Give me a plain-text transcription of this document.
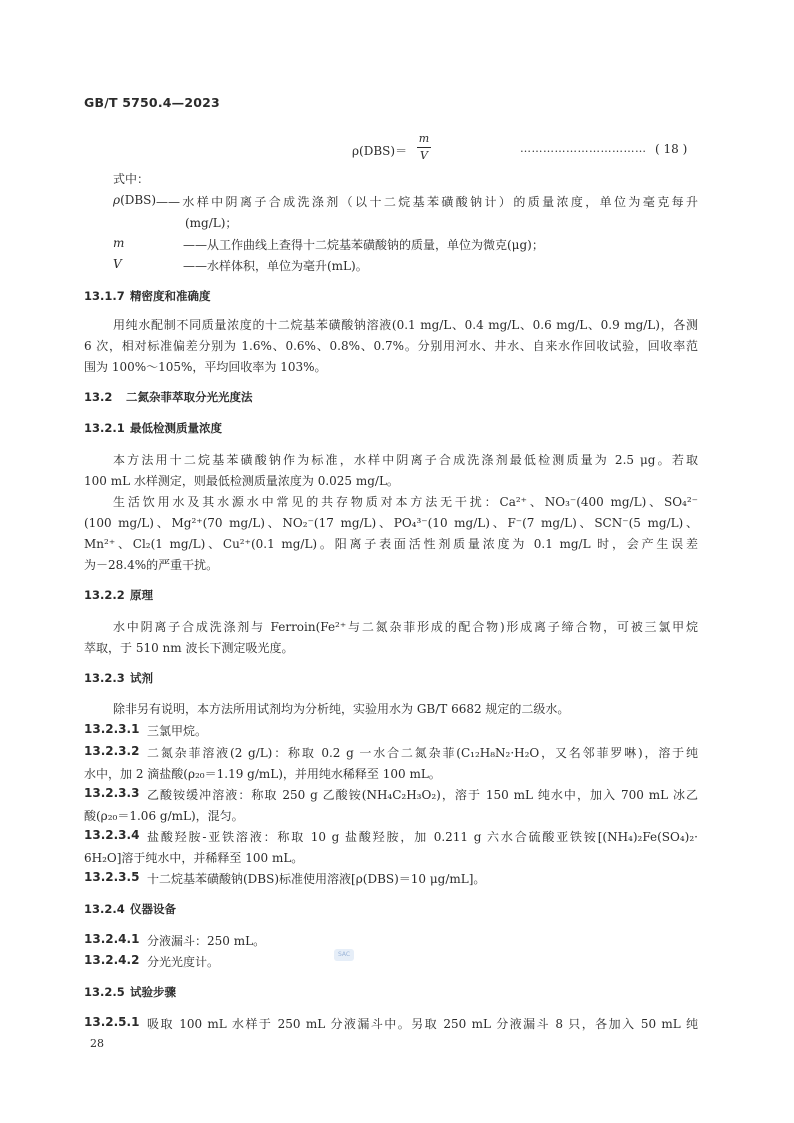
GB/T 5750.4—2023
ρ(DBS)＝
m
V
…………………………… ( 18 )
式中：
ρ(DBS) ——水样中阴离子合成洗涤剂（以十二烷基苯磺酸钠计）的质量浓度，单位为毫克每升
(mg/L)；
m	——从工作曲线上查得十二烷基苯磺酸钠的质量，单位为微克(μg)；
V	——水样体积，单位为毫升(mL)。
13.1.7 精密度和准确度
用纯水配制不同质量浓度的十二烷基苯磺酸钠溶液(0.1 mg/L、0.4 mg/L、0.6 mg/L、0.9 mg/L)，各测
6 次，相对标准偏差分别为 1.6%、0.6%、0.8%、0.7%。分别用河水、井水、自来水作回收试验，回收率范
围为 100%～105%，平均回收率为 103%。
13.2 二氮杂菲萃取分光光度法
13.2.1 最低检测质量浓度
本方法用十二烷基苯磺酸钠作为标准，水样中阴离子合成洗涤剂最低检测质量为 2.5 μg。若取
100 mL 水样测定，则最低检测质量浓度为 0.025 mg/L。
生活饮用水及其水源水中常见的共存物质对本方法无干扰：Ca²⁺、NO₃⁻(400 mg/L)、SO₄²⁻
(100 mg/L)、Mg²⁺(70 mg/L)、NO₂⁻(17 mg/L)、PO₄³⁻(10 mg/L)、F⁻(7 mg/L)、SCN⁻(5 mg/L)、
Mn²⁺、Cl₂(1 mg/L)、Cu²⁺(0.1 mg/L)。阳离子表面活性剂质量浓度为 0.1 mg/L 时，会产生误差
为－28.4%的严重干扰。
13.2.2 原理
水中阴离子合成洗涤剂与 Ferroin(Fe²⁺与二氮杂菲形成的配合物)形成离子缔合物，可被三氯甲烷
萃取，于 510 nm 波长下测定吸光度。
13.2.3 试剂
除非另有说明，本方法所用试剂均为分析纯，实验用水为 GB/T 6682 规定的二级水。
13.2.3.1 三氯甲烷。
13.2.3.2 二氮杂菲溶液(2 g/L)：称取 0.2 g 一水合二氮杂菲(C₁₂H₈N₂·H₂O，又名邻菲罗啉)，溶于纯
水中，加 2 滴盐酸(ρ₂₀＝1.19 g/mL)，并用纯水稀释至 100 mL。
13.2.3.3 乙酸铵缓冲溶液：称取 250 g 乙酸铵(NH₄C₂H₃O₂)，溶于 150 mL 纯水中，加入 700 mL 冰乙
酸(ρ₂₀＝1.06 g/mL)，混匀。
13.2.3.4 盐酸羟胺-亚铁溶液：称取 10 g 盐酸羟胺，加 0.211 g 六水合硫酸亚铁铵[(NH₄)₂Fe(SO₄)₂·
6H₂O]溶于纯水中，并稀释至 100 mL。
13.2.3.5 十二烷基苯磺酸钠(DBS)标准使用溶液[ρ(DBS)＝10 μg/mL]。
13.2.4 仪器设备
13.2.4.1 分液漏斗：250 mL。
13.2.4.2 分光光度计。
SAC
13.2.5 试验步骤
13.2.5.1 吸取 100 mL 水样于 250 mL 分液漏斗中。另取 250 mL 分液漏斗 8 只，各加入 50 mL 纯
28
